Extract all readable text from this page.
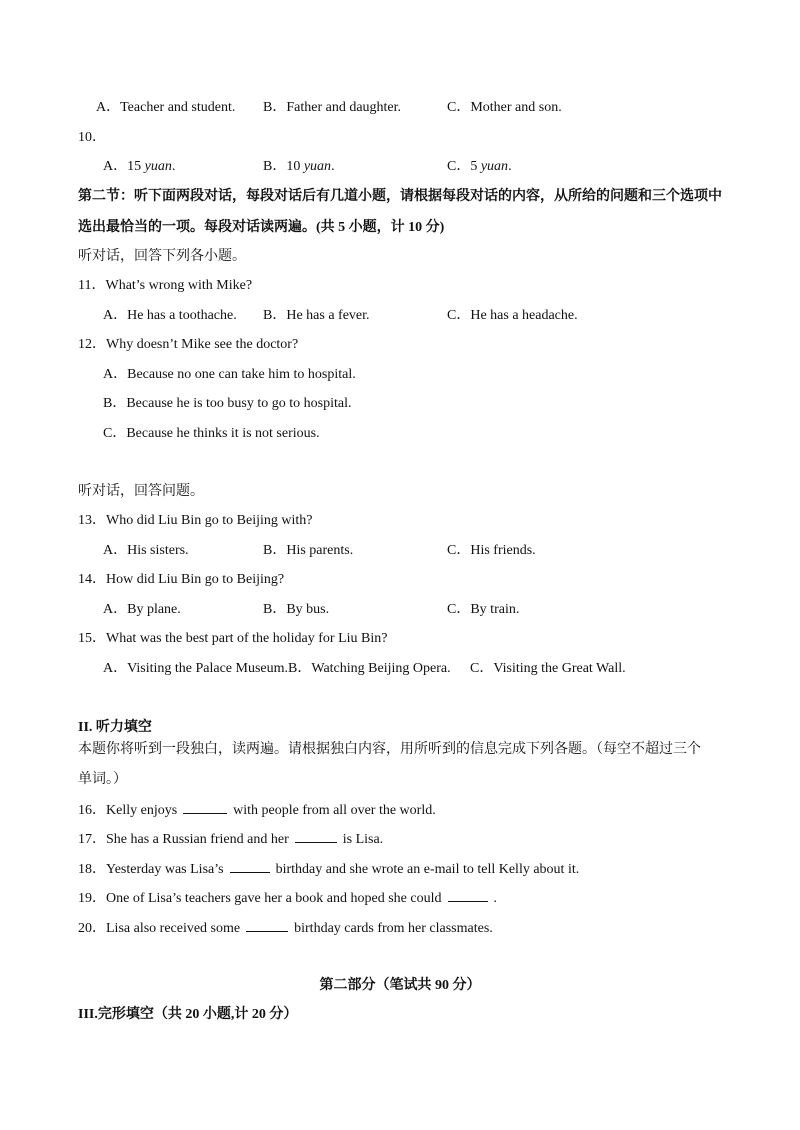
A．Teacher and student. B．Father and daughter.	C．Mother and son.
10．
A．15 yuan.	B．10 yuan.	C．5 yuan.
第二节：听下面两段对话，每段对话后有几道小题，请根据每段对话的内容，从所给的问题和三个选项中
选出最恰当的一项。每段对话读两遍。(共 5 小题，计 10 分)
听对话，回答下列各小题。
11．What’s wrong with Mike?
A．He has a toothache. B．He has a fever.	C．He has a headache.
12．Why doesn’t Mike see the doctor?
A．Because no one can take him to hospital.
B．Because he is too busy to go to hospital.
C．Because he thinks it is not serious.
听对话，回答问题。
13．Who did Liu Bin go to Beijing with?
A．His sisters.	B．His parents.	C．His friends.
14．How did Liu Bin go to Beijing?
A．By plane.	B．By bus.	C．By train.
15．What was the best part of the holiday for Liu Bin?
A．Visiting the Palace Museum.B．Watching Beijing Opera. C．Visiting the Great Wall.
II. 听力填空
本题你将听到一段独白，读两遍。请根据独白内容，用所听到的信息完成下列各题。（每空不超过三个
单词。）
16．Kelly enjoys	with people from all over the world.
17．She has a Russian friend and her	is Lisa.
18．Yesterday was Lisa’s	birthday and she wrote an e-mail to tell Kelly about it.
19．One of Lisa’s teachers gave her a book and hoped she could	.
20．Lisa also received some	birthday cards from her classmates.
第二部分（笔试共 90 分）
III.完形填空（共 20 小题,计 20 分）
